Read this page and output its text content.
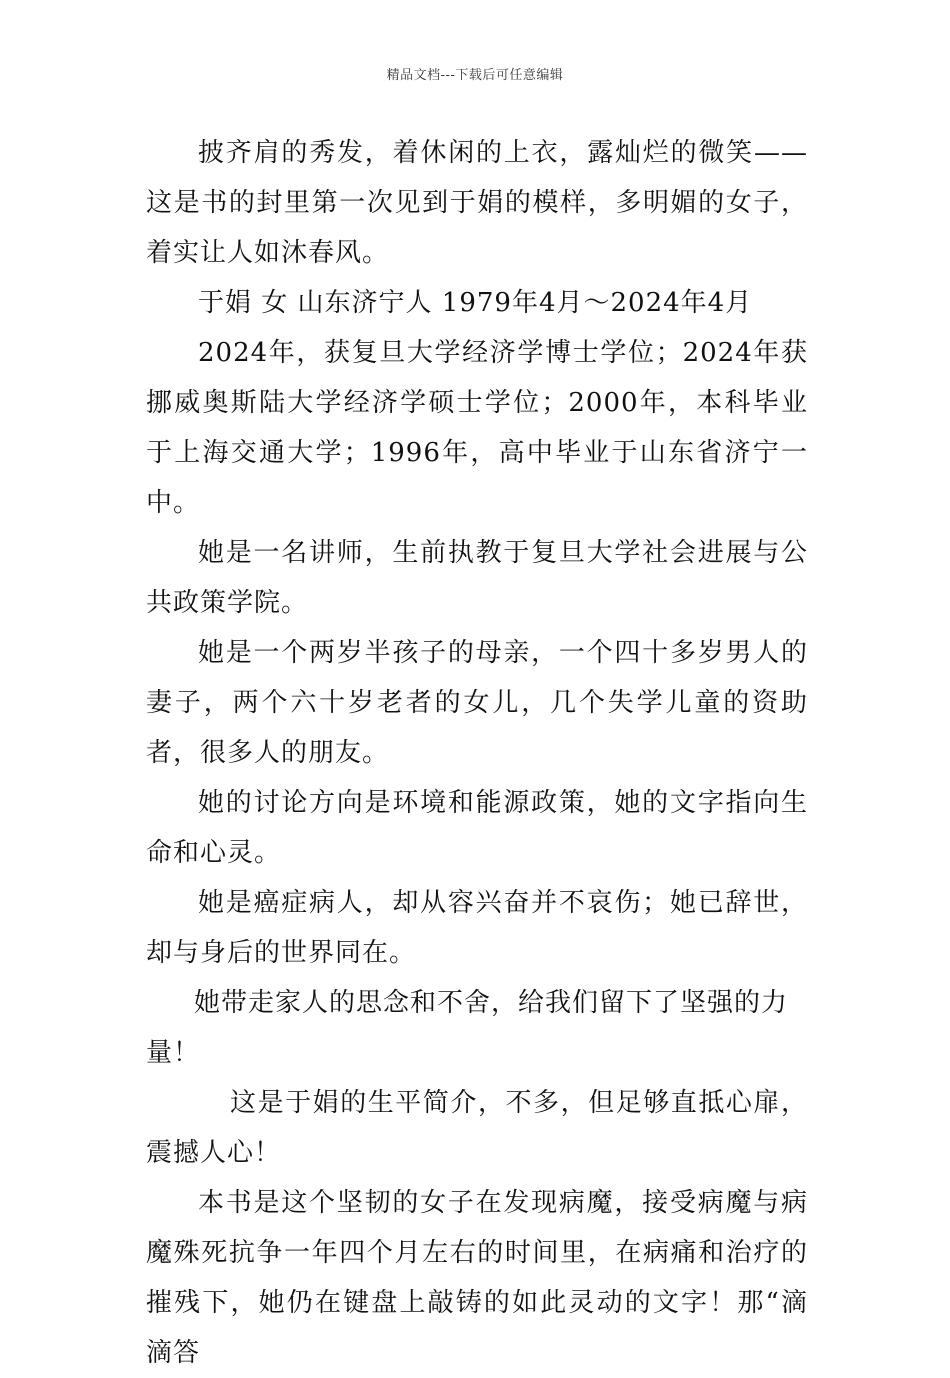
精品文档---下载后可任意编辑

披齐肩的秀发，着休闲的上衣，露灿烂的微笑——这是书的封里第一次见到于娟的模样，多明媚的女子，着实让人如沐春风。

于娟 女 山东济宁人 1979年4月～2024年4月

2024年，获复旦大学经济学博士学位；2024年获挪威奥斯陆大学经济学硕士学位；2000年，本科毕业于上海交通大学；1996年，高中毕业于山东省济宁一中。

她是一名讲师，生前执教于复旦大学社会进展与公共政策学院。

她是一个两岁半孩子的母亲，一个四十多岁男人的妻子，两个六十岁老者的女儿，几个失学儿童的资助者，很多人的朋友。

她的讨论方向是环境和能源政策，她的文字指向生命和心灵。

她是癌症病人，却从容兴奋并不哀伤；她已辞世，却与身后的世界同在。

她带走家人的思念和不舍，给我们留下了坚强的力量！

这是于娟的生平简介，不多，但足够直抵心扉，震撼人心！

本书是这个坚韧的女子在发现病魔，接受病魔与病魔殊死抗争一年四个月左右的时间里，在病痛和治疗的摧残下，她仍在键盘上敲铸的如此灵动的文字！那“滴滴答
